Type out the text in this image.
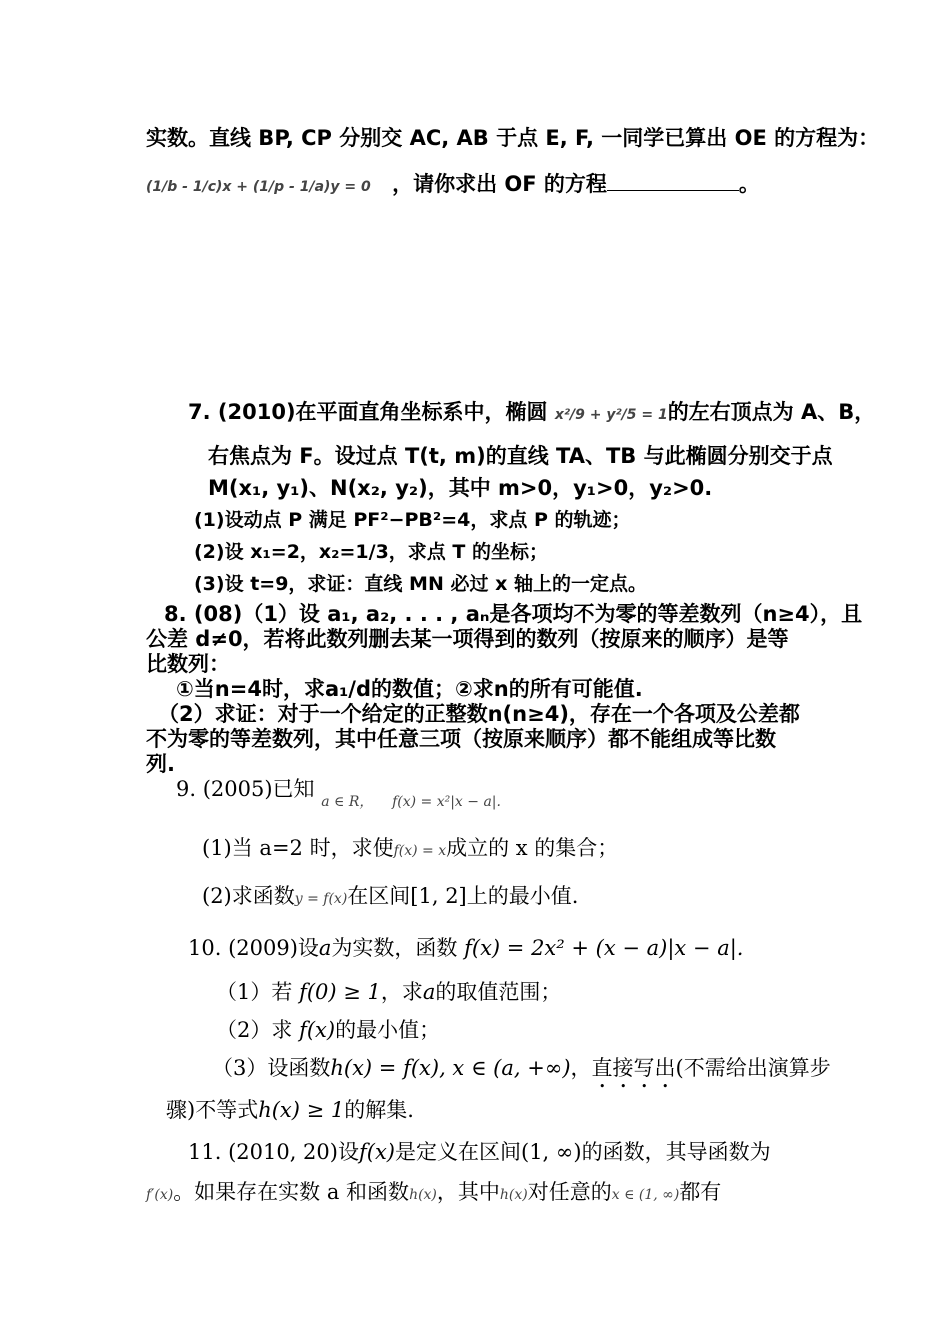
实数。直线 BP, CP 分别交 AC, AB 于点 E, F, 一同学已算出 OE 的方程为：
(1/b - 1/c)x + (1/p - 1/a)y = 0 ，请你求出 OF 的方程	。
7. (2010)在平面直角坐标系中，椭圆 x²/9 + y²/5 = 1的左右顶点为 A、B，
右焦点为 F。设过点 T(t, m)的直线 TA、TB 与此椭圆分别交于点
M(x₁, y₁)、N(x₂, y₂)，其中 m>0，y₁>0，y₂>0.
(1)设动点 P 满足 PF²−PB²=4，求点 P 的轨迹；
(2)设 x₁=2，x₂=1/3，求点 T 的坐标；
(3)设 t=9，求证：直线 MN 必过 x 轴上的一定点。
8. (08)（1）设 a₁, a₂, . . . , aₙ是各项均不为零的等差数列（n≥4），且
公差 d≠0，若将此数列删去某一项得到的数列（按原来的顺序）是等
比数列：
①当n=4时，求a₁/d的数值；②求n的所有可能值.
（2）求证：对于一个给定的正整数n(n≥4)，存在一个各项及公差都
不为零的等差数列，其中任意三项（按原来顺序）都不能组成等比数
列.
9. (2005)已知 $_{a \in R,}$ $_{f(x) = x^2|x - a|.}$
(1)当 a=2 时，求使f(x) = x成立的 x 的集合；
(2)求函数y = f(x)在区间[1, 2]上的最小值.
10. (2009)设a为实数，函数 f(x) = 2x² + (x − a)|x − a|.
（1）若 f(0) ≥ 1，求a的取值范围；
（2）求 f(x)的最小值；
（3）设函数h(x) = f(x), x ∈ (a, +∞)，直接写出(不需给出演算步
骤)不等式h(x) ≥ 1的解集.
11. (2010, 20)设f(x)是定义在区间(1, ∞)的函数，其导函数为
f′(x)。如果存在实数 a 和函数h(x)，其中h(x)对任意的x ∈ (1, ∞)都有
